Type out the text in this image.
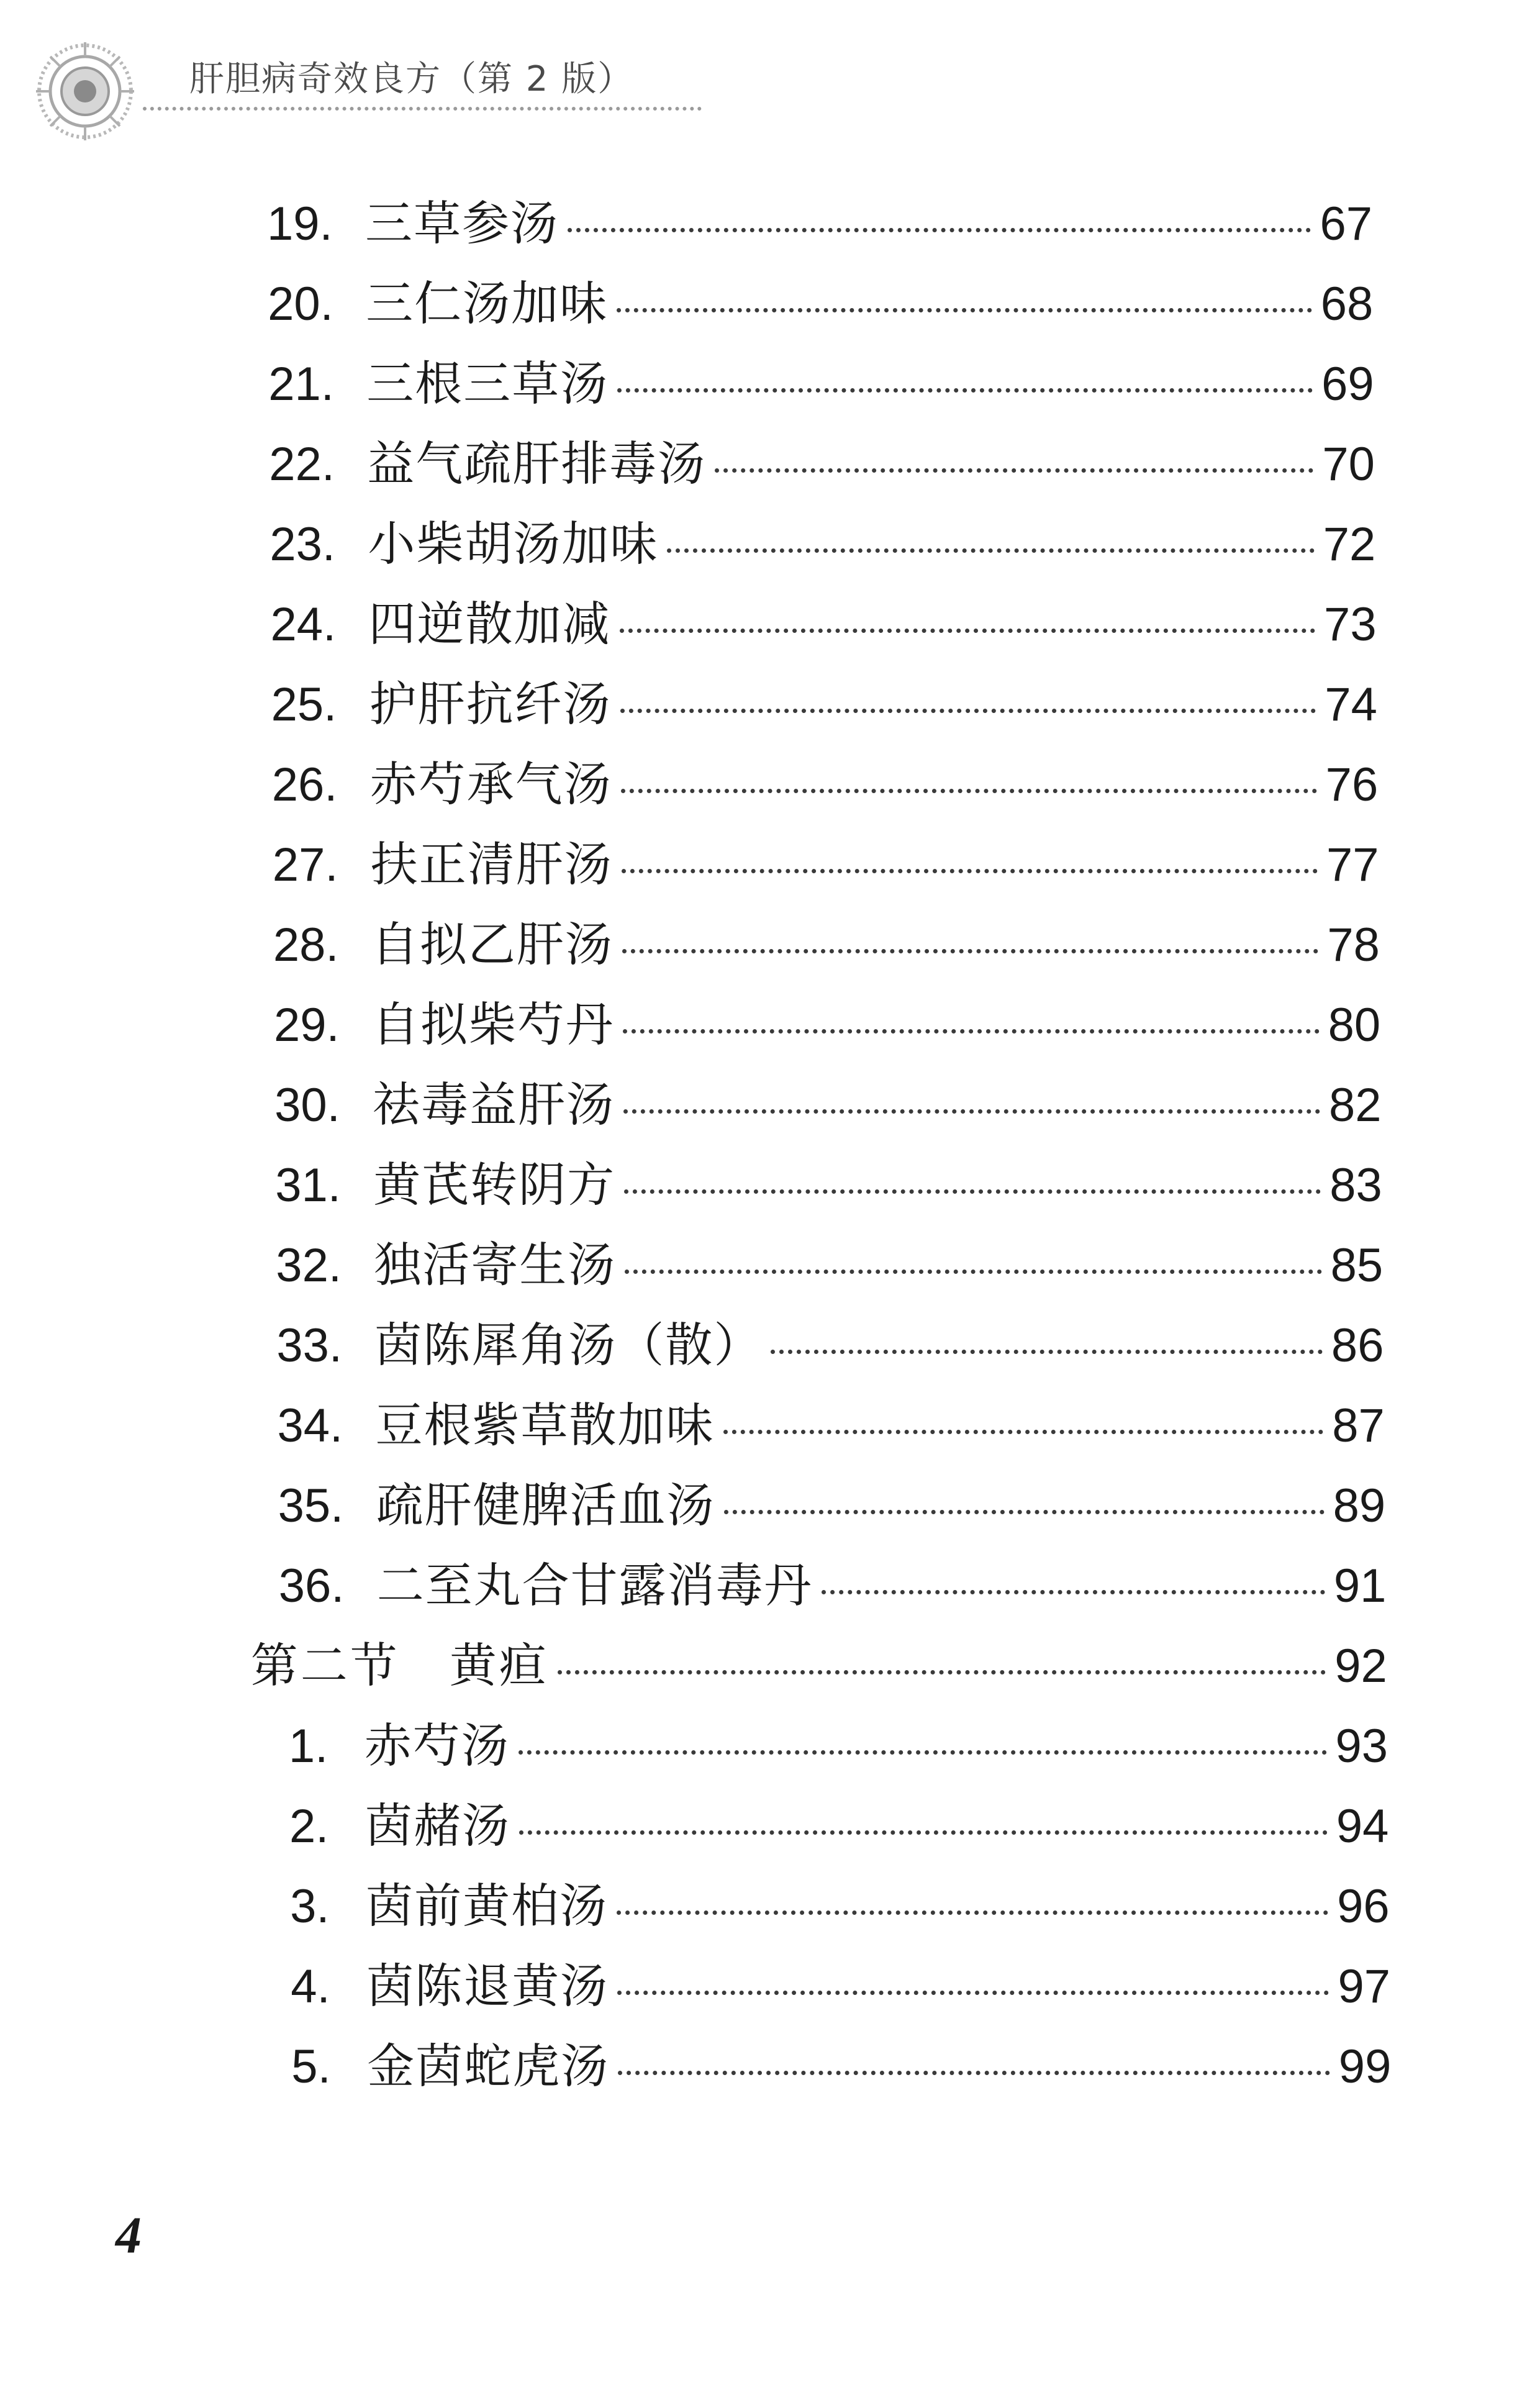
肝胆病奇效良方（第 2 版）
19. 三草参汤	67
20. 三仁汤加味	68
21. 三根三草汤	69
22. 益气疏肝排毒汤	70
23. 小柴胡汤加味	72
24. 四逆散加减	73
25. 护肝抗纤汤	74
26. 赤芍承气汤	76
27. 扶正清肝汤	77
28. 自拟乙肝汤	78
29. 自拟柴芍丹	80
30. 祛毒益肝汤	82
31. 黄芪转阴方	83
32. 独活寄生汤	85
33. 茵陈犀角汤（散）	86
34. 豆根紫草散加味	87
35. 疏肝健脾活血汤	89
36. 二至丸合甘露消毒丹	91
第二节　黄疸	92
1. 赤芍汤	93
2. 茵赭汤	94
3. 茵前黄柏汤	96
4. 茵陈退黄汤	97
5. 金茵蛇虎汤	99
4
